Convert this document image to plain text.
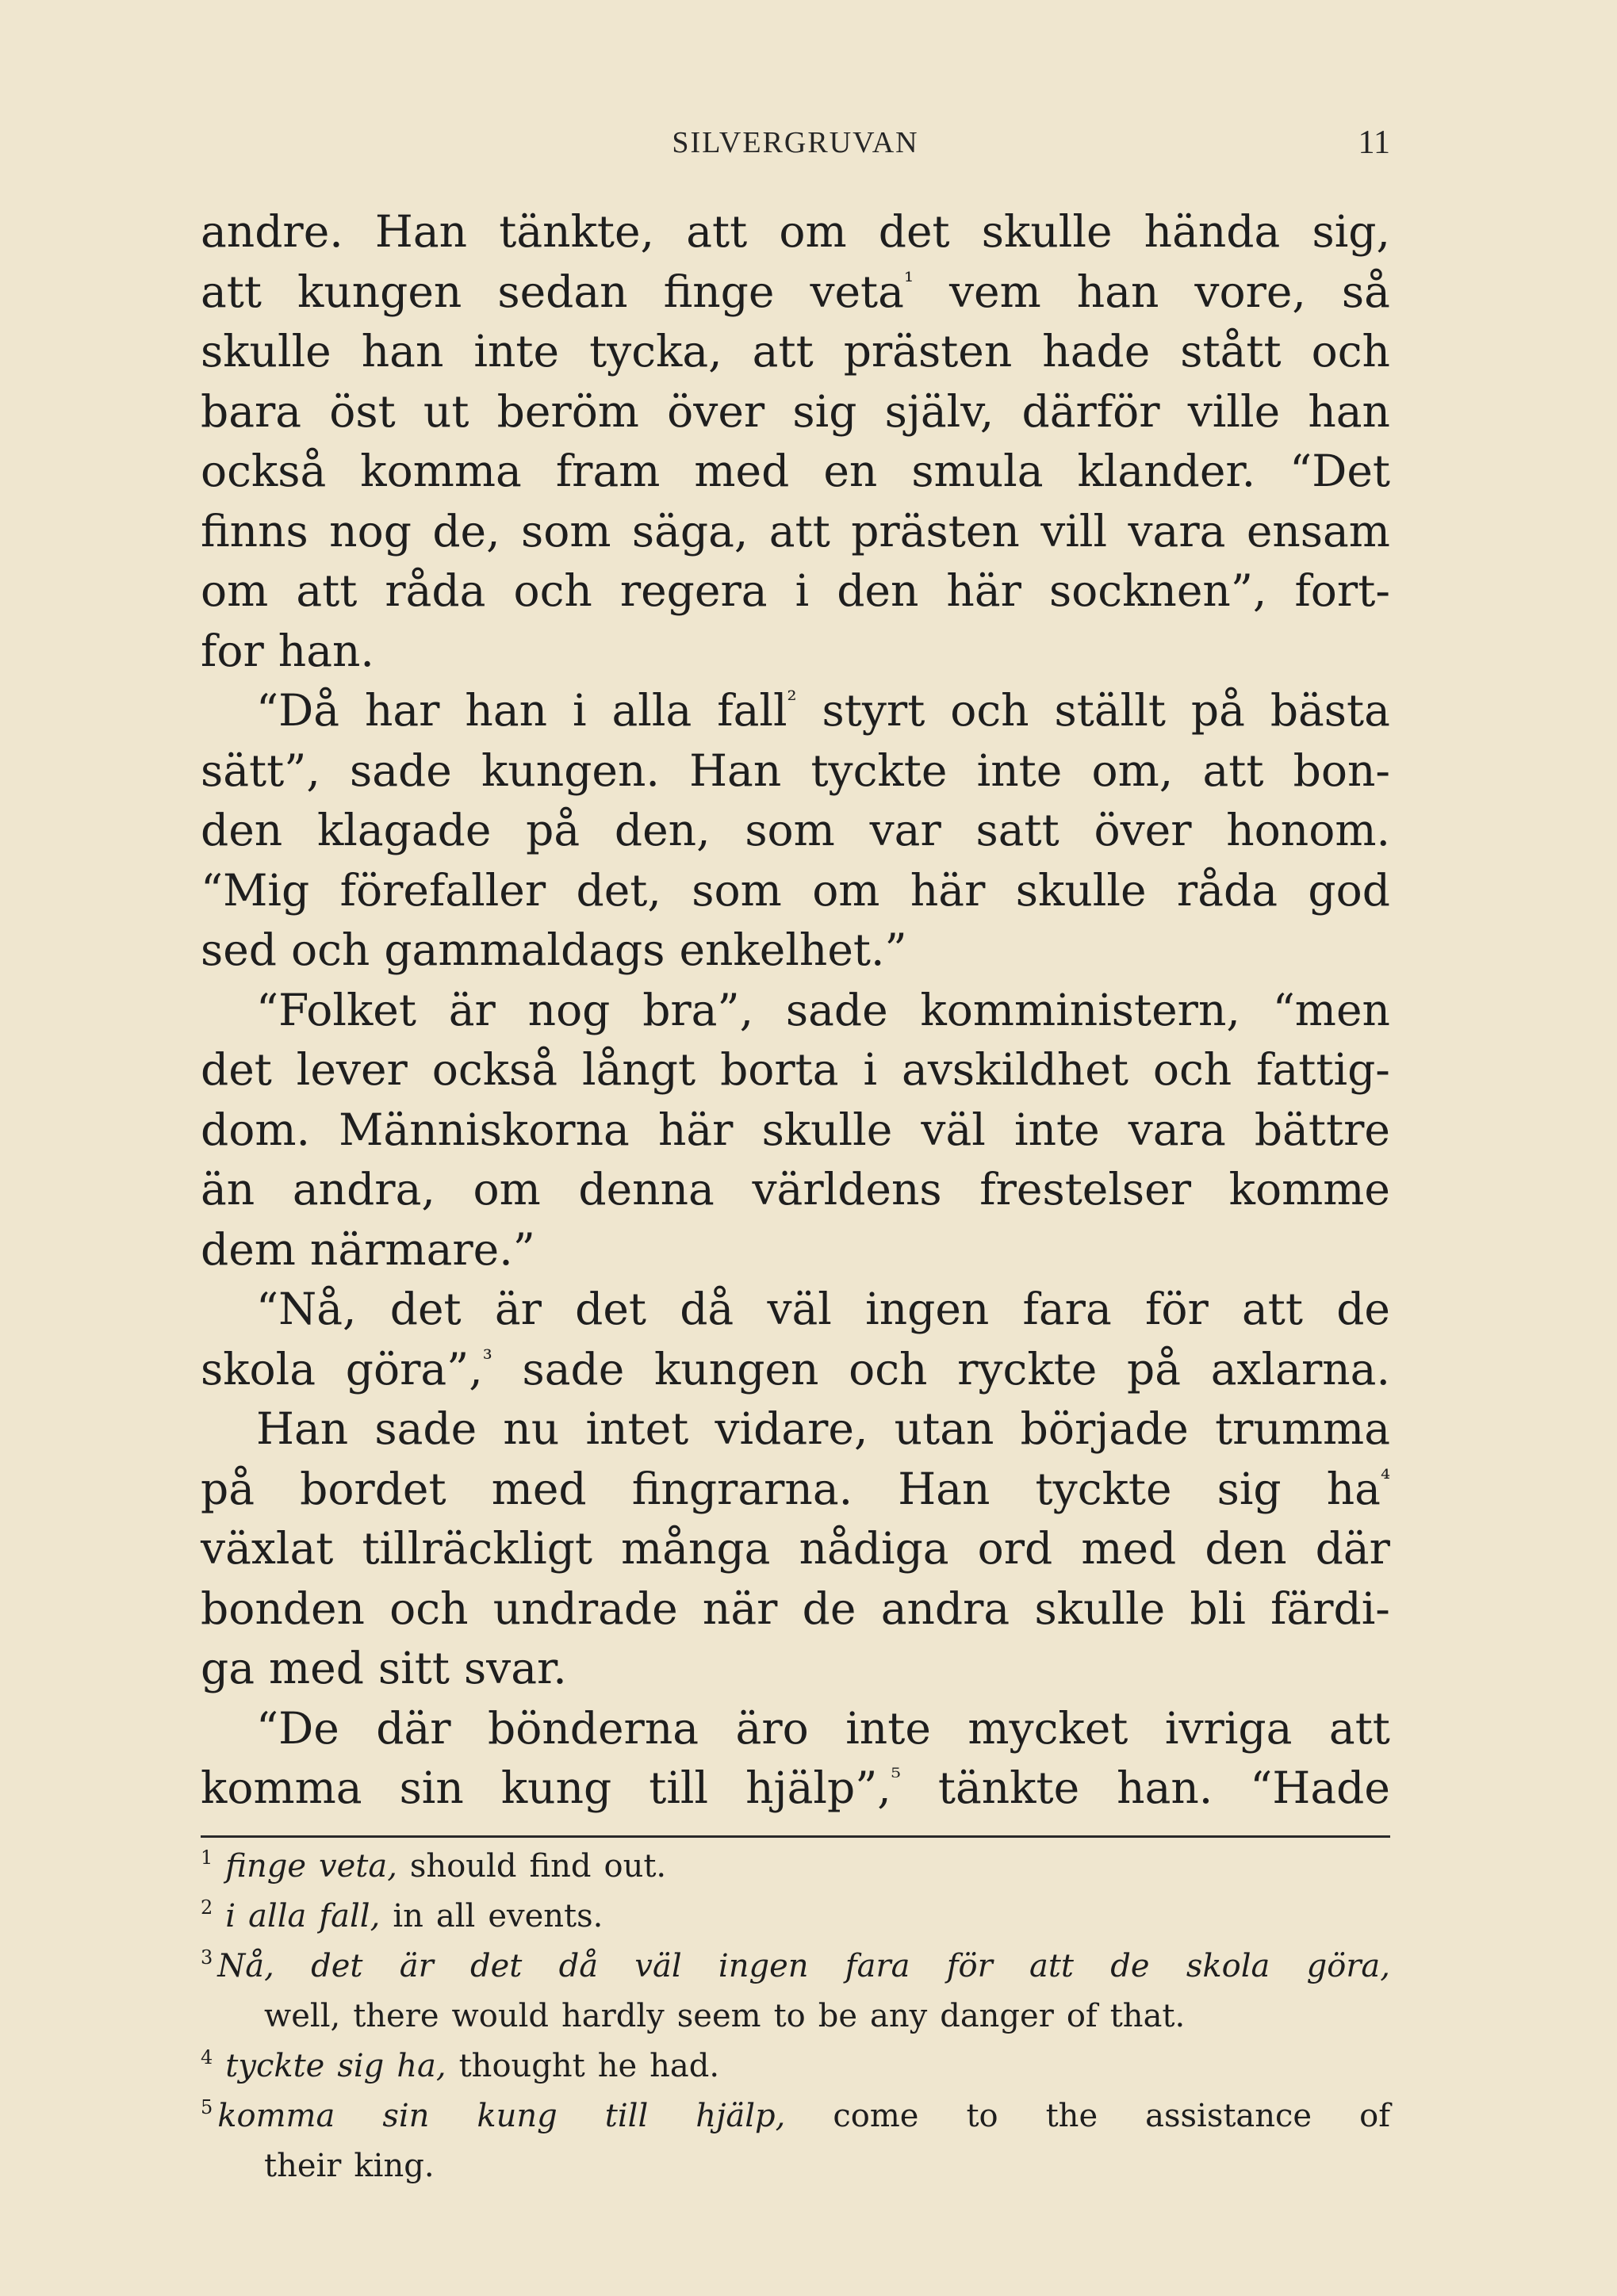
SILVERGRUVAN	11
andre. Han tänkte, att om det skulle hända sig,
att kungen sedan finge veta$^{^1}$ vem han vore, så
skulle han inte tycka, att prästen hade stått och
bara öst ut beröm över sig själv, därför ville han
också komma fram med en smula klander. “Det
finns nog de, som säga, att prästen vill vara ensam
om att råda och regera i den här socknen”, fort-
for han.
“Då har han i alla fall$^{^2}$ styrt och ställt på bästa
sätt”, sade kungen. Han tyckte inte om, att bon-
den klagade på den, som var satt över honom.
“Mig förefaller det, som om här skulle råda god
sed och gammaldags enkelhet.”
“Folket är nog bra”, sade komministern, “men
det lever också långt borta i avskildhet och fattig-
dom. Människorna här skulle väl inte vara bättre
än andra, om denna världens frestelser komme
dem närmare.”
“Nå, det är det då väl ingen fara för att de
skola göra”,$^{^3}$ sade kungen och ryckte på axlarna.
Han sade nu intet vidare, utan började trumma
på bordet med fingrarna. Han tyckte sig $ha^{^4}$
växlat tillräckligt många nådiga ord med den där
bonden och undrade när de andra skulle bli färdi-
ga med sitt svar.
“De där bönderna äro inte mycket ivriga att
komma sin kung till hjälp”,$^{^5}$ tänkte han. “Hade
$^1$ finge veta, should find out.
$^2$ i alla fall, in all events.
$^3$ Nå, det är det då väl ingen fara för att de skola göra,
well, there would hardly seem to be any danger of that.
$^4$ tyckte sig ha, thought he had.
$^5$ komma sin kung till hjälp, come to the assistance of
their king.
